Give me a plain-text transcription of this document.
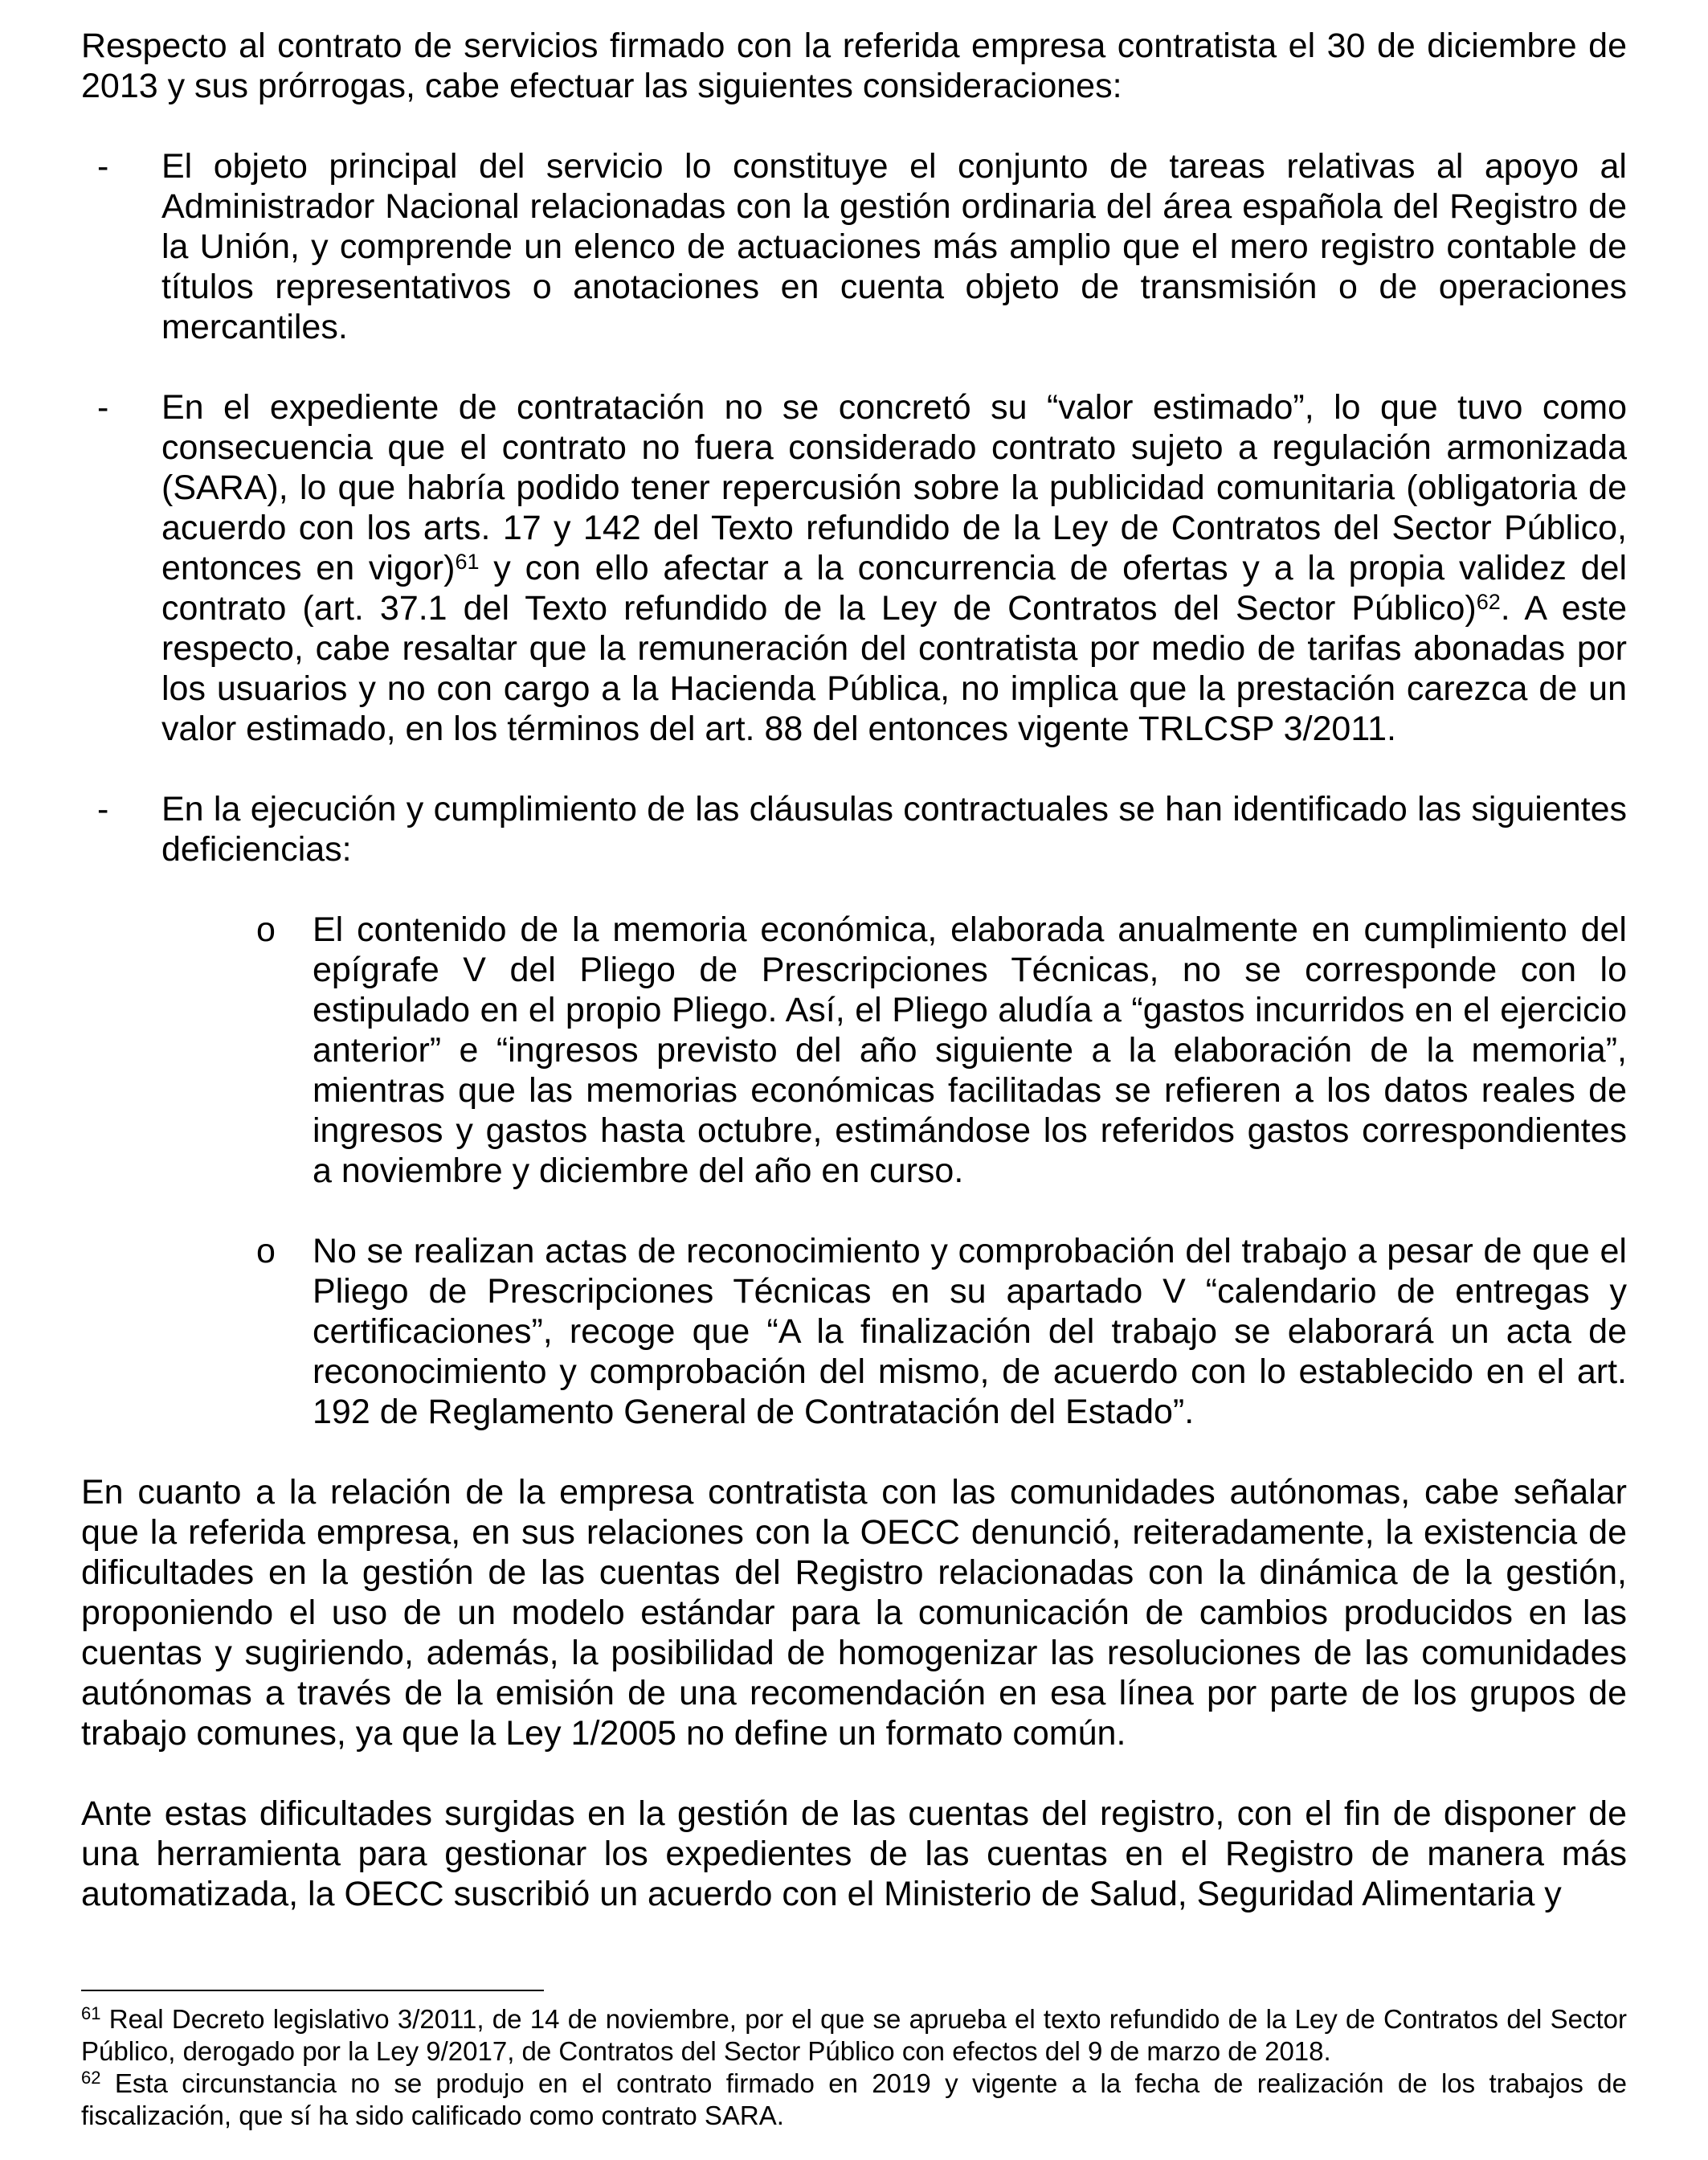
Respecto al contrato de servicios firmado con la referida empresa contratista el 30 de diciembre de 2013 y sus prórrogas, cabe efectuar las siguientes consideraciones:

- El objeto principal del servicio lo constituye el conjunto de tareas relativas al apoyo al Administrador Nacional relacionadas con la gestión ordinaria del área española del Registro de la Unión, y comprende un elenco de actuaciones más amplio que el mero registro contable de títulos representativos o anotaciones en cuenta objeto de transmisión o de operaciones mercantiles.

- En el expediente de contratación no se concretó su “valor estimado”, lo que tuvo como consecuencia que el contrato no fuera considerado contrato sujeto a regulación armonizada (SARA), lo que habría podido tener repercusión sobre la publicidad comunitaria (obligatoria de acuerdo con los arts. 17 y 142 del Texto refundido de la Ley de Contratos del Sector Público, entonces en vigor)$^{61}$ y con ello afectar a la concurrencia de ofertas y a la propia validez del contrato (art. 37.1 del Texto refundido de la Ley de Contratos del Sector Público)$^{62}$. A este respecto, cabe resaltar que la remuneración del contratista por medio de tarifas abonadas por los usuarios y no con cargo a la Hacienda Pública, no implica que la prestación carezca de un valor estimado, en los términos del art. 88 del entonces vigente TRLCSP 3/2011.

- En la ejecución y cumplimiento de las cláusulas contractuales se han identificado las siguientes deficiencias:

o El contenido de la memoria económica, elaborada anualmente en cumplimiento del epígrafe V del Pliego de Prescripciones Técnicas, no se corresponde con lo estipulado en el propio Pliego. Así, el Pliego aludía a “gastos incurridos en el ejercicio anterior” e “ingresos previsto del año siguiente a la elaboración de la memoria”, mientras que las memorias económicas facilitadas se refieren a los datos reales de ingresos y gastos hasta octubre, estimándose los referidos gastos correspondientes a noviembre y diciembre del año en curso.

o No se realizan actas de reconocimiento y comprobación del trabajo a pesar de que el Pliego de Prescripciones Técnicas en su apartado V “calendario de entregas y certificaciones”, recoge que “A la finalización del trabajo se elaborará un acta de reconocimiento y comprobación del mismo, de acuerdo con lo establecido en el art. 192 de Reglamento General de Contratación del Estado”.

En cuanto a la relación de la empresa contratista con las comunidades autónomas, cabe señalar que la referida empresa, en sus relaciones con la OECC denunció, reiteradamente, la existencia de dificultades en la gestión de las cuentas del Registro relacionadas con la dinámica de la gestión, proponiendo el uso de un modelo estándar para la comunicación de cambios producidos en las cuentas y sugiriendo, además, la posibilidad de homogenizar las resoluciones de las comunidades autónomas a través de la emisión de una recomendación en esa línea por parte de los grupos de trabajo comunes, ya que la Ley 1/2005 no define un formato común.

Ante estas dificultades surgidas en la gestión de las cuentas del registro, con el fin de disponer de una herramienta para gestionar los expedientes de las cuentas en el Registro de manera más automatizada, la OECC suscribió un acuerdo con el Ministerio de Salud, Seguridad Alimentaria y

$^{61}$ Real Decreto legislativo 3/2011, de 14 de noviembre, por el que se aprueba el texto refundido de la Ley de Contratos del Sector Público, derogado por la Ley 9/2017, de Contratos del Sector Público con efectos del 9 de marzo de 2018.

$^{62}$ Esta circunstancia no se produjo en el contrato firmado en 2019 y vigente a la fecha de realización de los trabajos de fiscalización, que sí ha sido calificado como contrato SARA.
